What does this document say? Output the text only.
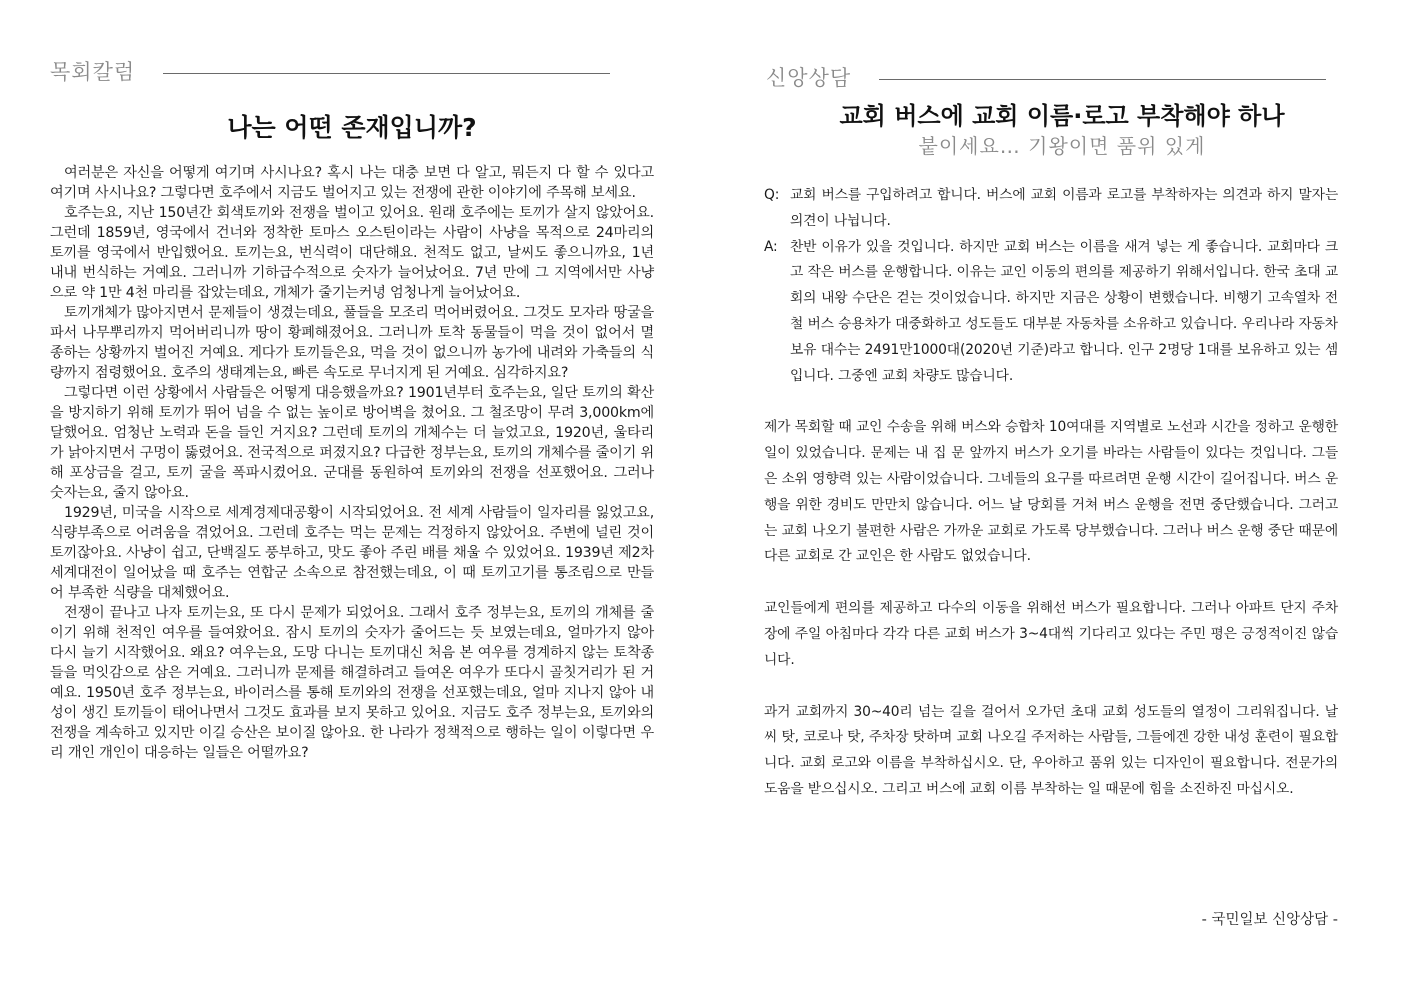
목회칼럼
나는 어떤 존재입니까?

여러분은 자신을 어떻게 여기며 사시나요? 혹시 나는 대충 보면 다 알고, 뭐든지 다 할 수 있다고 여기며 사시나요? 그렇다면 호주에서 지금도 벌어지고 있는 전쟁에 관한 이야기에 주목해 보세요.

호주는요, 지난 150년간 회색토끼와 전쟁을 벌이고 있어요. 원래 호주에는 토끼가 살지 않았어요. 그런데 1859년, 영국에서 건너와 정착한 토마스 오스틴이라는 사람이 사냥을 목적으로 24마리의 토끼를 영국에서 반입했어요. 토끼는요, 번식력이 대단해요. 천적도 없고, 날씨도 좋으니까요, 1년 내내 번식하는 거예요. 그러니까 기하급수적으로 숫자가 늘어났어요. 7년 만에 그 지역에서만 사냥으로 약 1만 4천 마리를 잡았는데요, 개체가 줄기는커녕 엄청나게 늘어났어요.

토끼개체가 많아지면서 문제들이 생겼는데요, 풀들을 모조리 먹어버렸어요. 그것도 모자라 땅굴을 파서 나무뿌리까지 먹어버리니까 땅이 황폐해졌어요. 그러니까 토착 동물들이 먹을 것이 없어서 멸종하는 상황까지 벌어진 거예요. 게다가 토끼들은요, 먹을 것이 없으니까 농가에 내려와 가축들의 식량까지 점령했어요. 호주의 생태계는요, 빠른 속도로 무너지게 된 거예요. 심각하지요?

그렇다면 이런 상황에서 사람들은 어떻게 대응했을까요? 1901년부터 호주는요, 일단 토끼의 확산을 방지하기 위해 토끼가 뛰어 넘을 수 없는 높이로 방어벽을 쳤어요. 그 철조망이 무려 3,000km에 달했어요. 엄청난 노력과 돈을 들인 거지요? 그런데 토끼의 개체수는 더 늘었고요, 1920년, 울타리가 낡아지면서 구멍이 뚫렸어요. 전국적으로 퍼졌지요? 다급한 정부는요, 토끼의 개체수를 줄이기 위해 포상금을 걸고, 토끼 굴을 폭파시켰어요. 군대를 동원하여 토끼와의 전쟁을 선포했어요. 그러나 숫자는요, 줄지 않아요.

1929년, 미국을 시작으로 세계경제대공황이 시작되었어요. 전 세계 사람들이 일자리를 잃었고요, 식량부족으로 어려움을 겪었어요. 그런데 호주는 먹는 문제는 걱정하지 않았어요. 주변에 널린 것이 토끼잖아요. 사냥이 쉽고, 단백질도 풍부하고, 맛도 좋아 주린 배를 채울 수 있었어요. 1939년 제2차 세계대전이 일어났을 때 호주는 연합군 소속으로 참전했는데요, 이 때 토끼고기를 통조림으로 만들어 부족한 식량을 대체했어요.

전쟁이 끝나고 나자 토끼는요, 또 다시 문제가 되었어요. 그래서 호주 정부는요, 토끼의 개체를 줄이기 위해 천적인 여우를 들여왔어요. 잠시 토끼의 숫자가 줄어드는 듯 보였는데요, 얼마가지 않아 다시 늘기 시작했어요. 왜요? 여우는요, 도망 다니는 토끼대신 처음 본 여우를 경계하지 않는 토착종들을 먹잇감으로 삼은 거예요. 그러니까 문제를 해결하려고 들여온 여우가 또다시 골칫거리가 된 거예요. 1950년 호주 정부는요, 바이러스를 통해 토끼와의 전쟁을 선포했는데요, 얼마 지나지 않아 내성이 생긴 토끼들이 태어나면서 그것도 효과를 보지 못하고 있어요. 지금도 호주 정부는요, 토끼와의 전쟁을 계속하고 있지만 이길 승산은 보이질 않아요. 한 나라가 정책적으로 행하는 일이 이렇다면 우리 개인 개인이 대응하는 일들은 어떨까요?

신앙상담
교회 버스에 교회 이름·로고 부착해야 하나
붙이세요… 기왕이면 품위 있게
Q: 교회 버스를 구입하려고 합니다. 버스에 교회 이름과 로고를 부착하자는 의견과 하지 말자는 의견이 나뉩니다.
A: 찬반 이유가 있을 것입니다. 하지만 교회 버스는 이름을 새겨 넣는 게 좋습니다. 교회마다 크고 작은 버스를 운행합니다. 이유는 교인 이동의 편의를 제공하기 위해서입니다. 한국 초대 교회의 내왕 수단은 걷는 것이었습니다. 하지만 지금은 상황이 변했습니다. 비행기 고속열차 전철 버스 승용차가 대중화하고 성도들도 대부분 자동차를 소유하고 있습니다. 우리나라 자동차 보유 대수는 2491만1000대(2020년 기준)라고 합니다. 인구 2명당 1대를 보유하고 있는 셈입니다. 그중엔 교회 차량도 많습니다.

제가 목회할 때 교인 수송을 위해 버스와 승합차 10여대를 지역별로 노선과 시간을 정하고 운행한 일이 있었습니다. 문제는 내 집 문 앞까지 버스가 오기를 바라는 사람들이 있다는 것입니다. 그들은 소위 영향력 있는 사람이었습니다. 그네들의 요구를 따르려면 운행 시간이 길어집니다. 버스 운행을 위한 경비도 만만치 않습니다. 어느 날 당회를 거쳐 버스 운행을 전면 중단했습니다. 그러고는 교회 나오기 불편한 사람은 가까운 교회로 가도록 당부했습니다. 그러나 버스 운행 중단 때문에 다른 교회로 간 교인은 한 사람도 없었습니다.

교인들에게 편의를 제공하고 다수의 이동을 위해선 버스가 필요합니다. 그러나 아파트 단지 주차장에 주일 아침마다 각각 다른 교회 버스가 3~4대씩 기다리고 있다는 주민 평은 긍정적이진 않습니다.

과거 교회까지 30~40리 넘는 길을 걸어서 오가던 초대 교회 성도들의 열정이 그리워집니다. 날씨 탓, 코로나 탓, 주차장 탓하며 교회 나오길 주저하는 사람들, 그들에겐 강한 내성 훈련이 필요합니다. 교회 로고와 이름을 부착하십시오. 단, 우아하고 품위 있는 디자인이 필요합니다. 전문가의 도움을 받으십시오. 그리고 버스에 교회 이름 부착하는 일 때문에 힘을 소진하진 마십시오.

- 국민일보 신앙상담 -
